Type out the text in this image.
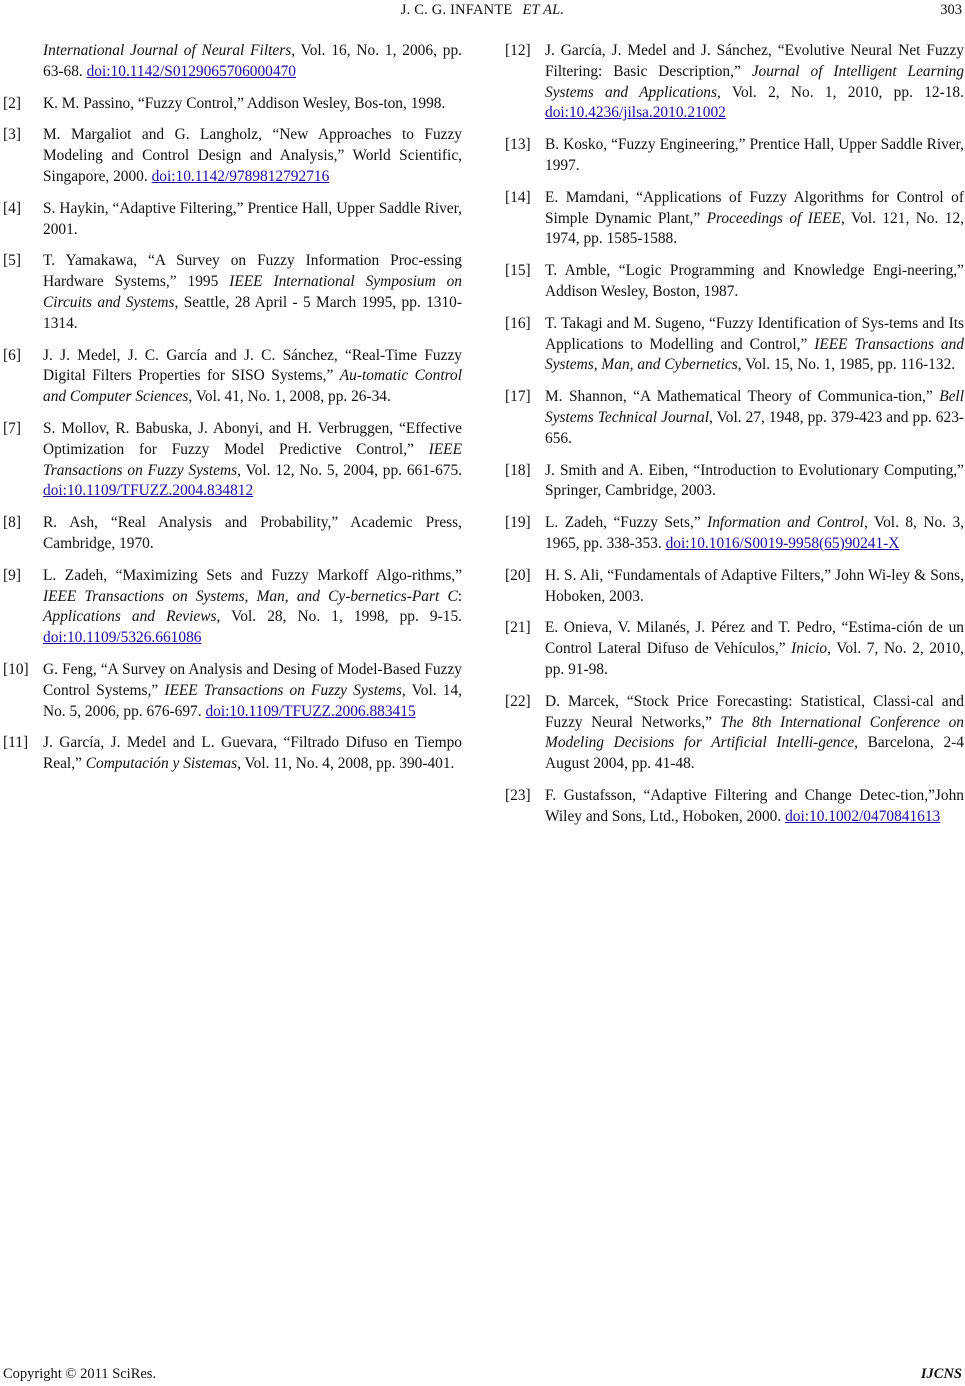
J. C. G. INFANTE ET AL.	303
International Journal of Neural Filters, Vol. 16, No. 1, 2006, pp. 63-68. doi:10.1142/S0129065706000470
[2] K. M. Passino, “Fuzzy Control,” Addison Wesley, Bos-ton, 1998.
[3] M. Margaliot and G. Langholz, “New Approaches to Fuzzy Modeling and Control Design and Analysis,” World Scientific, Singapore, 2000. doi:10.1142/9789812792716
[4] S. Haykin, “Adaptive Filtering,” Prentice Hall, Upper Saddle River, 2001.
[5] T. Yamakawa, “A Survey on Fuzzy Information Proc-essing Hardware Systems,” 1995 IEEE International Symposium on Circuits and Systems, Seattle, 28 April - 5 March 1995, pp. 1310-1314.
[6] J. J. Medel, J. C. García and J. C. Sánchez, “Real-Time Fuzzy Digital Filters Properties for SISO Systems,” Au-tomatic Control and Computer Sciences, Vol. 41, No. 1, 2008, pp. 26-34.
[7] S. Mollov, R. Babuska, J. Abonyi, and H. Verbruggen, “Effective Optimization for Fuzzy Model Predictive Control,” IEEE Transactions on Fuzzy Systems, Vol. 12, No. 5, 2004, pp. 661-675. doi:10.1109/TFUZZ.2004.834812
[8] R. Ash, “Real Analysis and Probability,” Academic Press, Cambridge, 1970.
[9] L. Zadeh, “Maximizing Sets and Fuzzy Markoff Algo-rithms,” IEEE Transactions on Systems, Man, and Cy-bernetics-Part C: Applications and Reviews, Vol. 28, No. 1, 1998, pp. 9-15. doi:10.1109/5326.661086
[10] G. Feng, “A Survey on Analysis and Desing of Model-Based Fuzzy Control Systems,” IEEE Transactions on Fuzzy Systems, Vol. 14, No. 5, 2006, pp. 676-697. doi:10.1109/TFUZZ.2006.883415
[11] J. García, J. Medel and L. Guevara, “Filtrado Difuso en Tiempo Real,” Computación y Sistemas, Vol. 11, No. 4, 2008, pp. 390-401.
[12] J. García, J. Medel and J. Sánchez, “Evolutive Neural Net Fuzzy Filtering: Basic Description,” Journal of Intelligent Learning Systems and Applications, Vol. 2, No. 1, 2010, pp. 12-18. doi:10.4236/jilsa.2010.21002
[13] B. Kosko, “Fuzzy Engineering,” Prentice Hall, Upper Saddle River, 1997.
[14] E. Mamdani, “Applications of Fuzzy Algorithms for Control of Simple Dynamic Plant,” Proceedings of IEEE, Vol. 121, No. 12, 1974, pp. 1585-1588.
[15] T. Amble, “Logic Programming and Knowledge Engi-neering,” Addison Wesley, Boston, 1987.
[16] T. Takagi and M. Sugeno, “Fuzzy Identification of Sys-tems and Its Applications to Modelling and Control,” IEEE Transactions and Systems, Man, and Cybernetics, Vol. 15, No. 1, 1985, pp. 116-132.
[17] M. Shannon, “A Mathematical Theory of Communica-tion,” Bell Systems Technical Journal, Vol. 27, 1948, pp. 379-423 and pp. 623-656.
[18] J. Smith and A. Eiben, “Introduction to Evolutionary Computing,” Springer, Cambridge, 2003.
[19] L. Zadeh, “Fuzzy Sets,” Information and Control, Vol. 8, No. 3, 1965, pp. 338-353. doi:10.1016/S0019-9958(65)90241-X
[20] H. S. Ali, “Fundamentals of Adaptive Filters,” John Wi-ley & Sons, Hoboken, 2003.
[21] E. Onieva, V. Milanés, J. Pérez and T. Pedro, “Estima-ción de un Control Lateral Difuso de Vehículos,” Inicio, Vol. 7, No. 2, 2010, pp. 91-98.
[22] D. Marcek, “Stock Price Forecasting: Statistical, Classi-cal and Fuzzy Neural Networks,” The 8th International Conference on Modeling Decisions for Artificial Intelli-gence, Barcelona, 2-4 August 2004, pp. 41-48.
[23] F. Gustafsson, “Adaptive Filtering and Change Detec-tion,”John Wiley and Sons, Ltd., Hoboken, 2000. doi:10.1002/0470841613
Copyright © 2011 SciRes.	IJCNS
